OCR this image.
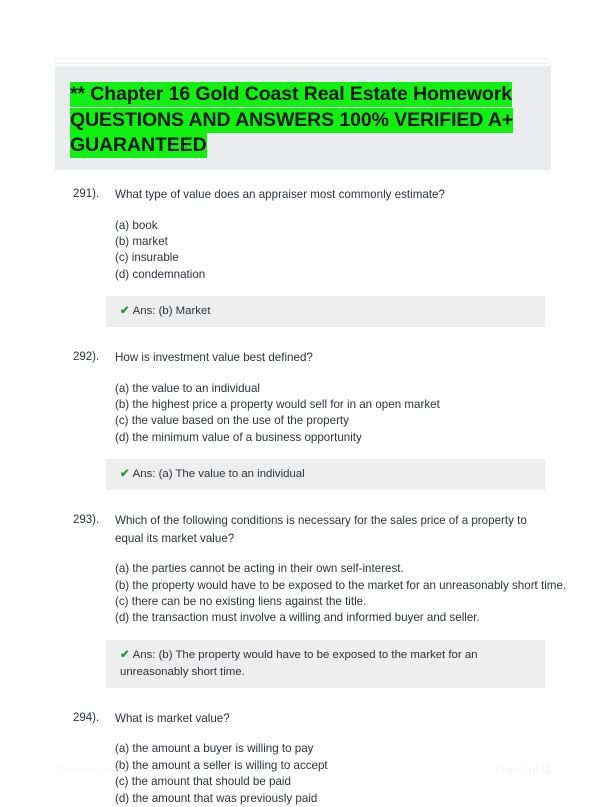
** Chapter 16 Gold Coast Real Estate Homework
QUESTIONS AND ANSWERS 100% VERIFIED A+
GUARANTEED
291).	What type of value does an appraiser most commonly estimate?
(a) book
(b) market
(c) insurable
(d) condemnation
✔ Ans: (b) Market
292).	How is investment value best defined?
(a) the value to an individual
(b) the highest price a property would sell for in an open market
(c) the value based on the use of the property
(d) the minimum value of a business opportunity
✔ Ans: (a) The value to an individual
293).	Which of the following conditions is necessary for the sales price of a property to equal its market value?
(a) the parties cannot be acting in their own self-interest.
(b) the property would have to be exposed to the market for an unreasonably short time.
(c) there can be no existing liens against the title.
(d) the transaction must involve a willing and informed buyer and seller.
✔ Ans: (b) The property would have to be exposed to the market for an unreasonably short time.
294).	What is market value?
(a) the amount a buyer is willing to pay
(b) the amount a seller is willing to accept
(c) the amount that should be paid
(d) the amount that was previously paid
PaperStlic.com	Page 1 of 13
